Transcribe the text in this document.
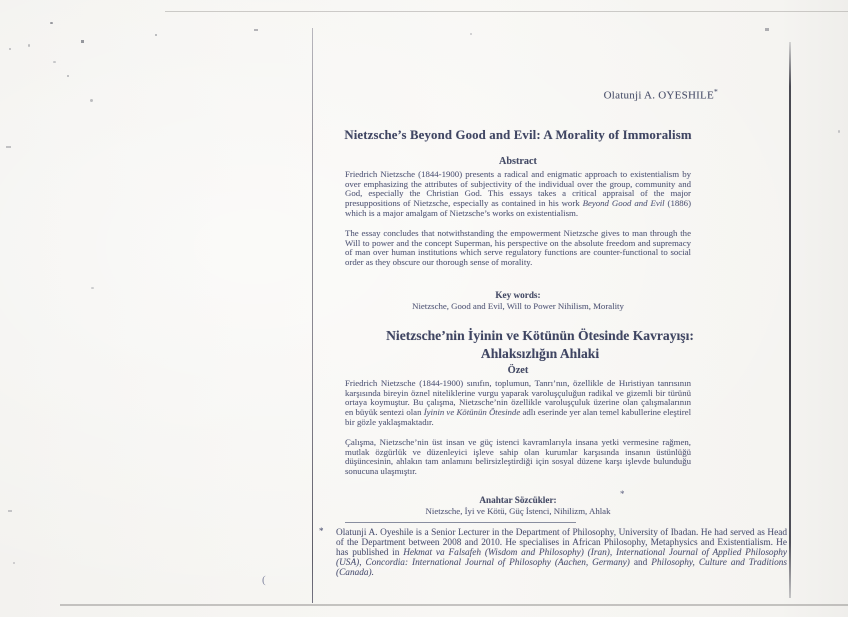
(
*
Olatunji A. OYESHILE*
Nietzsche’s Beyond Good and Evil: A Morality of Immoralism
Abstract

Friedrich Nietzsche (1844-1900) presents a radical and enigmatic approach to existentialism by over emphasizing the attributes of subjectivity of the individual over the group, community and God, especially the Christian God. This essays takes a critical appraisal of the major presuppositions of Nietzsche, especially as contained in his work Beyond Good and Evil (1886) which is a major amalgam of Nietzsche’s works on existentialism.

The essay concludes that notwithstanding the empowerment Nietzsche gives to man through the Will to power and the concept Superman, his perspective on the absolute freedom and supremacy of man over human institutions which serve regulatory functions are counter-functional to social order as they obscure our thorough sense of morality.

Key words:
Nietzsche, Good and Evil, Will to Power Nihilism, Morality
Nietzsche’nin İyinin ve Kötünün Ötesinde Kavrayışı:
Ahlaksızlığın Ahlaki
Özet

Friedrich Nietzsche (1844-1900) sınıfın, toplumun, Tanrı’nın, özellikle de Hıristiyan tanrısının karşısında bireyin öznel niteliklerine vurgu yaparak varoluşçuluğun radikal ve gizemli bir türünü ortaya koymuştur. Bu çalışma, Nietzsche’nin özellikle varoluşçuluk üzerine olan çalışmalarının en büyük sentezi olan İyinin ve Kötünün Ötesinde adlı eserinde yer alan temel kabullerine eleştirel bir gözle yaklaşmaktadır.

Çalışma, Nietzsche’nin üst insan ve güç istenci kavramlarıyla insana yetki vermesine rağmen, mutlak özgürlük ve düzenleyici işleve sahip olan kurumlar karşısında insanın üstünlüğü düşüncesinin, ahlakın tam anlamını belirsizleştirdiği için sosyal düzene karşı işlevde bulunduğu sonucuna ulaşmıştır.

Anahtar Sözcükler:
Nietzsche, İyi ve Kötü, Güç İstenci, Nihilizm, Ahlak
* Olatunji A. Oyeshile is a Senior Lecturer in the Department of Philosophy, University of Ibadan. He had served as Head of the Department between 2008 and 2010. He specialises in African Philosophy, Metaphysics and Existentialism. He has published in Hekmat va Falsafeh (Wisdom and Philosophy) (Iran), International Journal of Applied Philosophy (USA), Concordia: International Journal of Philosophy (Aachen, Germany) and Philosophy, Culture and Traditions (Canada).
